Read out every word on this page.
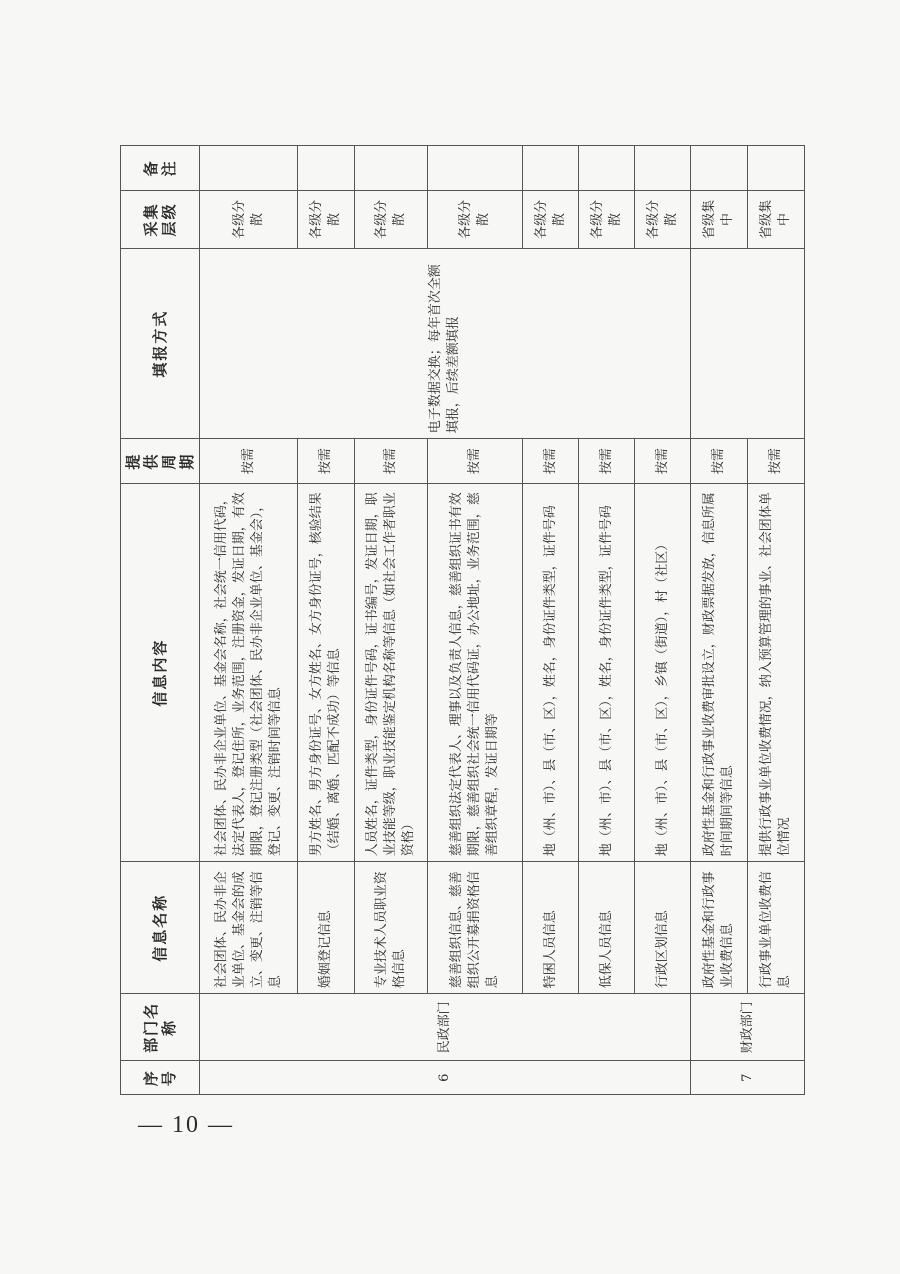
— 10 —
序号	部门名称	信息名称	信息内容	提供周期	填报方式	采集层级	备注
6	民政部门	社会团体、民办非企业单位、基金会的成立、变更、注销等信息	社会团体、民办非企业单位、基金会名称，社会统一信用代码，法定代表人，登记住所，业务范围，注册资金，发证日期，有效期限，登记注册类型（社会团体、民办非企业单位、基金会），登记、变更、注销时间等信息	按需	电子数据交换；每年首次全额填报，后续差额填报	各级分散	
		婚姻登记信息	男方姓名、男方身份证号、女方姓名、女方身份证号，核验结果（结婚、离婚、匹配不成功）等信息	按需		各级分散	
		专业技术人员职业资格信息	人员姓名，证件类型，身份证件号码，证书编号，发证日期，职业技能等级，职业技能鉴定机构名称等信息（如社会工作者职业资格）	按需		各级分散	
		慈善组织信息、慈善组织公开募捐资格信息	慈善组织法定代表人、理事以及负责人信息，慈善组织证书有效期限，慈善组织社会统一信用代码证，办公地址，业务范围，慈善组织章程，发证日期等	按需		各级分散	
		特困人员信息	地（州、市）、县（市、区），姓名，身份证件类型，证件号码	按需		各级分散	
		低保人员信息	地（州、市）、县（市、区），姓名，身份证件类型，证件号码	按需		各级分散	
		行政区划信息	地（州、市）、县（市、区），乡镇（街道），村（社区）	按需		各级分散	
7	财政部门	政府性基金和行政事业收费信息	政府性基金和行政事业收费审批设立，财政票据发放，信息所属时间期间等信息	按需		省级集中	
		行政事业单位收费信息	提供行政事业单位收费情况，纳入预算管理的事业、社会团体单位情况	按需		省级集中	
